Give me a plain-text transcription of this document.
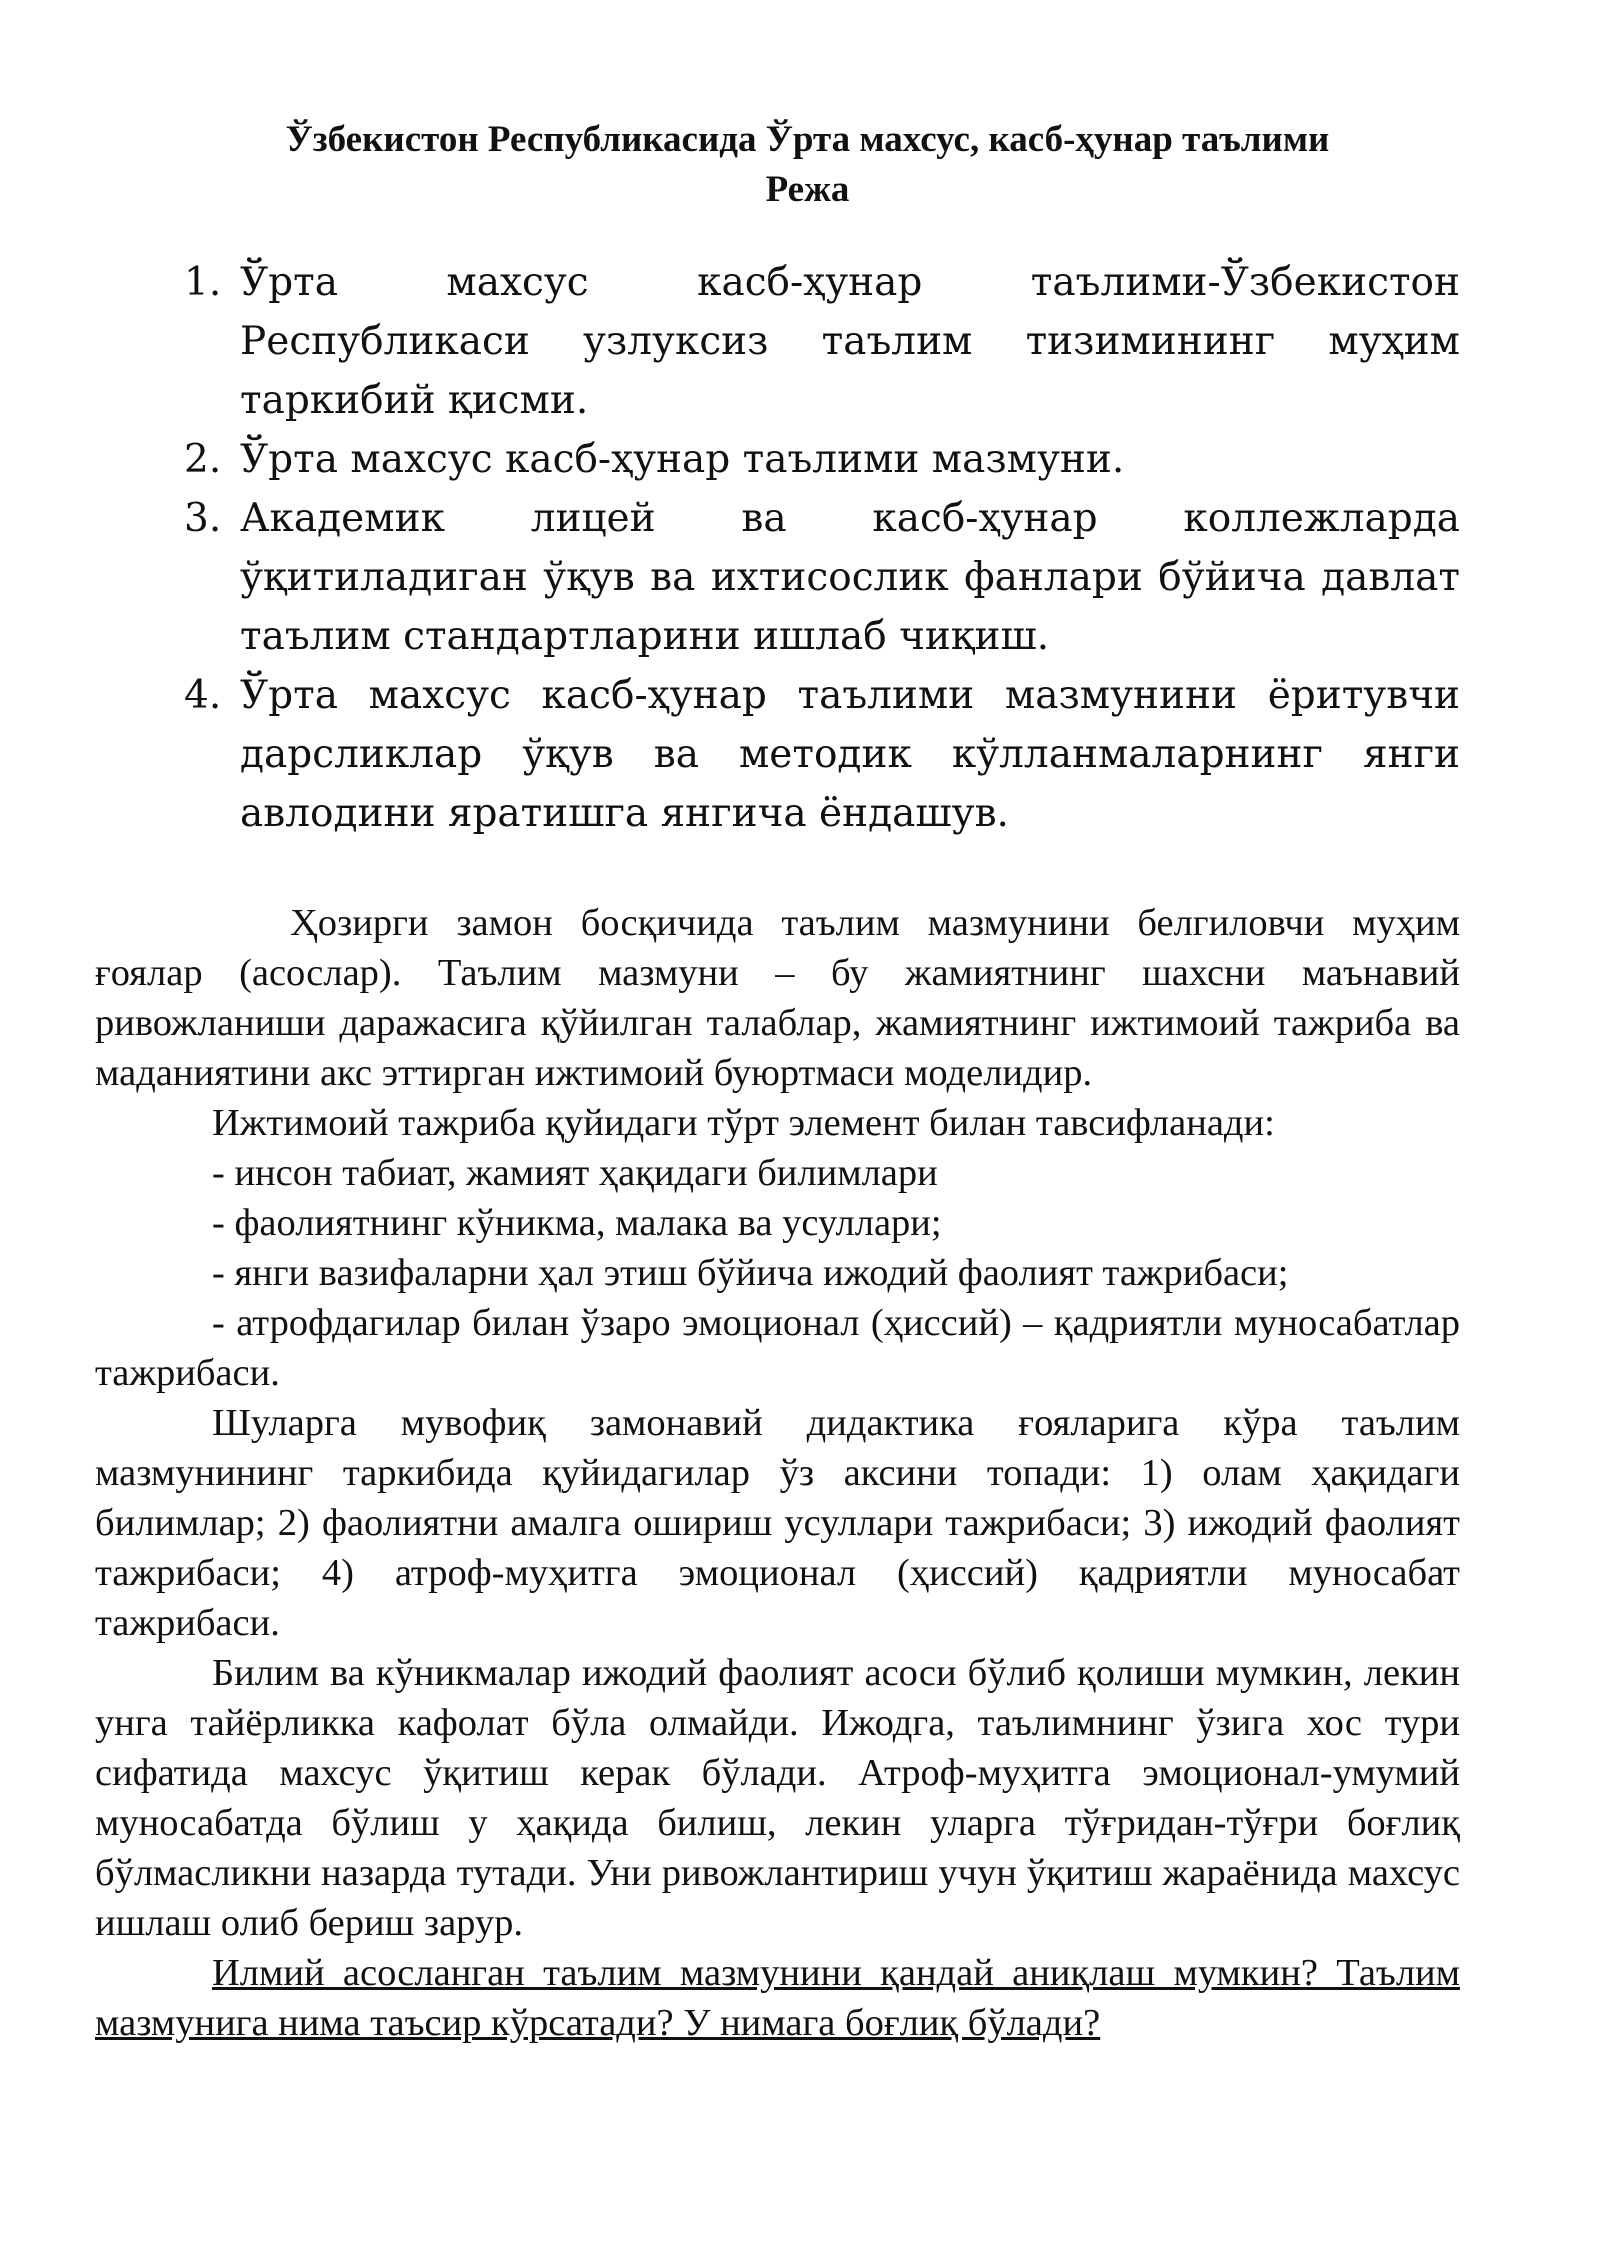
Ўзбекистон Республикасида Ўрта махсус, касб-ҳунар таълими
Режа
1. Ўрта махсус касб-ҳунар таълими-Ўзбекистон Республикаси узлуксиз таълим тизимининг муҳим таркибий қисми.
2. Ўрта махсус касб-ҳунар таълими мазмуни.
3. Академик лицей ва касб-ҳунар коллежларда ўқитиладиган ўқув ва ихтисослик фанлари бўйича давлат таълим стандартларини ишлаб чиқиш.
4. Ўрта махсус касб-ҳунар таълими мазмунини ёритувчи дарсликлар ўқув ва методик кўлланмаларнинг янги авлодини яратишга янгича ёндашув.

Ҳозирги замон босқичида таълим мазмунини белгиловчи муҳим ғоялар (асослар). Таълим мазмуни – бу жамиятнинг шахсни маънавий ривожланиши даражасига қўйилган талаблар, жамиятнинг ижтимоий тажриба ва маданиятини акс эттирган ижтимоий буюртмаси моделидир.

Ижтимоий тажриба қуйидаги тўрт элемент билан тавсифланади:

- инсон табиат, жамият ҳақидаги билимлари

- фаолиятнинг кўникма, малака ва усуллари;

- янги вазифаларни ҳал этиш бўйича ижодий фаолият тажрибаси;

- атрофдагилар билан ўзаро эмоционал (ҳиссий) – қадриятли муносабатлар тажрибаси.

Шуларга мувофиқ замонавий дидактика ғояларига кўра таълим мазмунининг таркибида қуйидагилар ўз аксини топади: 1) олам ҳақидаги билимлар; 2) фаолиятни амалга ошириш усуллари тажрибаси; 3) ижодий фаолият тажрибаси; 4) атроф-муҳитга эмоционал (ҳиссий) қадриятли муносабат тажрибаси.

Билим ва кўникмалар ижодий фаолият асоси бўлиб қолиши мумкин, лекин унга тайёрликка кафолат бўла олмайди. Ижодга, таълимнинг ўзига хос тури сифатида махсус ўқитиш керак бўлади. Атроф-муҳитга эмоционал-умумий муносабатда бўлиш у ҳақида билиш, лекин уларга тўғридан-тўғри боғлиқ бўлмасликни назарда тутади. Уни ривожлантириш учун ўқитиш жараёнида махсус ишлаш олиб бериш зарур.

Илмий асосланган таълим мазмунини қандай аниқлаш мумкин? Таълим мазмунига нима таъсир кўрсатади? У нимага боғлиқ бўлади?
